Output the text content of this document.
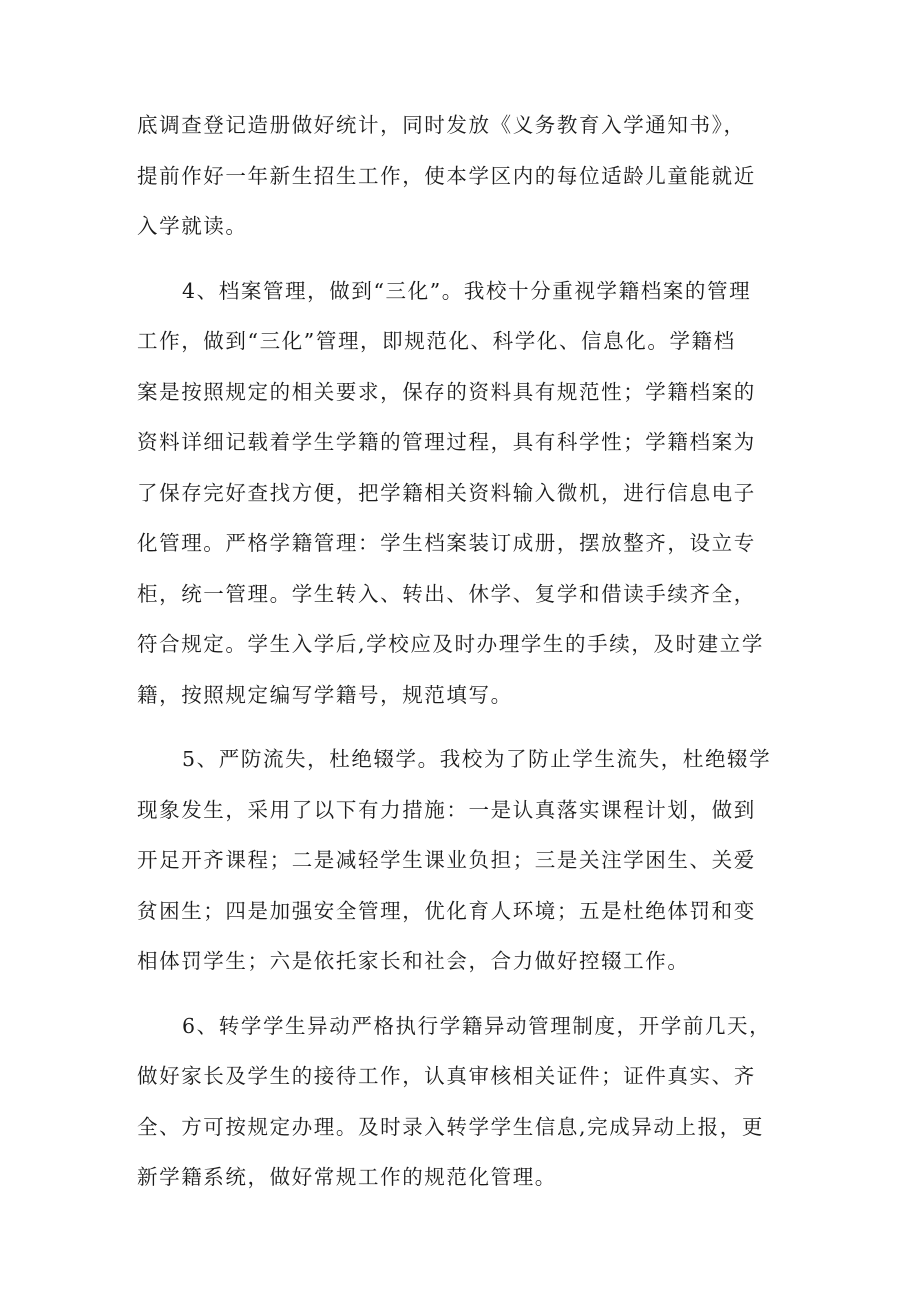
底调查登记造册做好统计，同时发放《义务教育入学通知书》，
提前作好一年新生招生工作，使本学区内的每位适龄儿童能就近
入学就读。
4、档案管理，做到“三化”。我校十分重视学籍档案的管理
工作，做到“三化”管理，即规范化、科学化、信息化。学籍档
案是按照规定的相关要求，保存的资料具有规范性；学籍档案的
资料详细记载着学生学籍的管理过程，具有科学性；学籍档案为
了保存完好查找方便，把学籍相关资料输入微机，进行信息电子
化管理。严格学籍管理：学生档案装订成册，摆放整齐，设立专
柜，统一管理。学生转入、转出、休学、复学和借读手续齐全，
符合规定。学生入学后,学校应及时办理学生的手续，及时建立学
籍，按照规定编写学籍号，规范填写。
5、严防流失，杜绝辍学。我校为了防止学生流失，杜绝辍学
现象发生，采用了以下有力措施：一是认真落实课程计划，做到
开足开齐课程；二是减轻学生课业负担；三是关注学困生、关爱
贫困生；四是加强安全管理，优化育人环境；五是杜绝体罚和变
相体罚学生；六是依托家长和社会，合力做好控辍工作。
6、转学学生异动严格执行学籍异动管理制度，开学前几天，
做好家长及学生的接待工作，认真审核相关证件；证件真实、齐
全、方可按规定办理。及时录入转学学生信息,完成异动上报，更
新学籍系统，做好常规工作的规范化管理。
